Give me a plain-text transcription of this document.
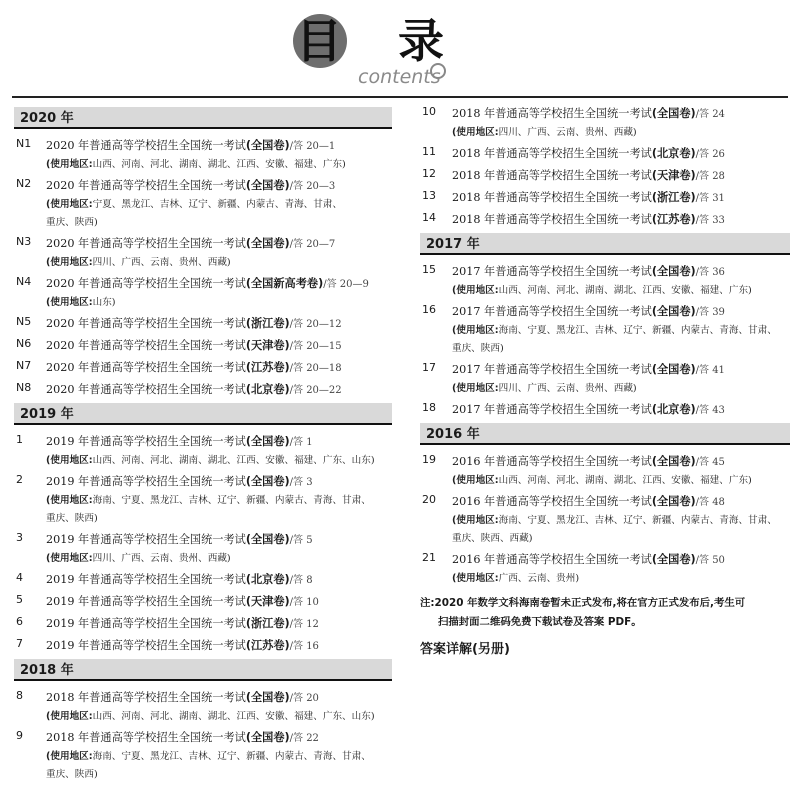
目 录
contents
2020 年
N1 2020 年普通高等学校招生全国统一考试(全国卷)/答 20—1
(使用地区:山西、河南、河北、湖南、湖北、江西、安徽、福建、广东)
N2 2020 年普通高等学校招生全国统一考试(全国卷)/答 20—3
(使用地区:宁夏、黑龙江、吉林、辽宁、新疆、内蒙古、青海、甘肃、
重庆、陕西)
N3 2020 年普通高等学校招生全国统一考试(全国卷)/答 20—7
(使用地区:四川、广西、云南、贵州、西藏)
N4 2020 年普通高等学校招生全国统一考试(全国新高考卷)/答 20—9
(使用地区:山东)
N5 2020 年普通高等学校招生全国统一考试(浙江卷)/答 20—12
N6 2020 年普通高等学校招生全国统一考试(天津卷)/答 20—15
N7 2020 年普通高等学校招生全国统一考试(江苏卷)/答 20—18
N8 2020 年普通高等学校招生全国统一考试(北京卷)/答 20—22
2019 年
1 2019 年普通高等学校招生全国统一考试(全国卷)/答 1
(使用地区:山西、河南、河北、湖南、湖北、江西、安徽、福建、广东、山东)
2 2019 年普通高等学校招生全国统一考试(全国卷)/答 3
(使用地区:海南、宁夏、黑龙江、吉林、辽宁、新疆、内蒙古、青海、甘肃、
重庆、陕西)
3 2019 年普通高等学校招生全国统一考试(全国卷)/答 5
(使用地区:四川、广西、云南、贵州、西藏)
4 2019 年普通高等学校招生全国统一考试(北京卷)/答 8
5 2019 年普通高等学校招生全国统一考试(天津卷)/答 10
6 2019 年普通高等学校招生全国统一考试(浙江卷)/答 12
7 2019 年普通高等学校招生全国统一考试(江苏卷)/答 16
2018 年
8 2018 年普通高等学校招生全国统一考试(全国卷)/答 20
(使用地区:山西、河南、河北、湖南、湖北、江西、安徽、福建、广东、山东)
9 2018 年普通高等学校招生全国统一考试(全国卷)/答 22
(使用地区:海南、宁夏、黑龙江、吉林、辽宁、新疆、内蒙古、青海、甘肃、
重庆、陕西)
10 2018 年普通高等学校招生全国统一考试(全国卷)/答 24
(使用地区:四川、广西、云南、贵州、西藏)
11 2018 年普通高等学校招生全国统一考试(北京卷)/答 26
12 2018 年普通高等学校招生全国统一考试(天津卷)/答 28
13 2018 年普通高等学校招生全国统一考试(浙江卷)/答 31
14 2018 年普通高等学校招生全国统一考试(江苏卷)/答 33
2017 年
15 2017 年普通高等学校招生全国统一考试(全国卷)/答 36
(使用地区:山西、河南、河北、湖南、湖北、江西、安徽、福建、广东)
16 2017 年普通高等学校招生全国统一考试(全国卷)/答 39
(使用地区:海南、宁夏、黑龙江、吉林、辽宁、新疆、内蒙古、青海、甘肃、
重庆、陕西)
17 2017 年普通高等学校招生全国统一考试(全国卷)/答 41
(使用地区:四川、广西、云南、贵州、西藏)
18 2017 年普通高等学校招生全国统一考试(北京卷)/答 43
2016 年
19 2016 年普通高等学校招生全国统一考试(全国卷)/答 45
(使用地区:山西、河南、河北、湖南、湖北、江西、安徽、福建、广东)
20 2016 年普通高等学校招生全国统一考试(全国卷)/答 48
(使用地区:海南、宁夏、黑龙江、吉林、辽宁、新疆、内蒙古、青海、甘肃、
重庆、陕西、西藏)
21 2016 年普通高等学校招生全国统一考试(全国卷)/答 50
(使用地区:广西、云南、贵州)
注:2020 年数学文科海南卷暂未正式发布,将在官方正式发布后,考生可
扫描封面二维码免费下载试卷及答案 PDF。
答案详解(另册)
